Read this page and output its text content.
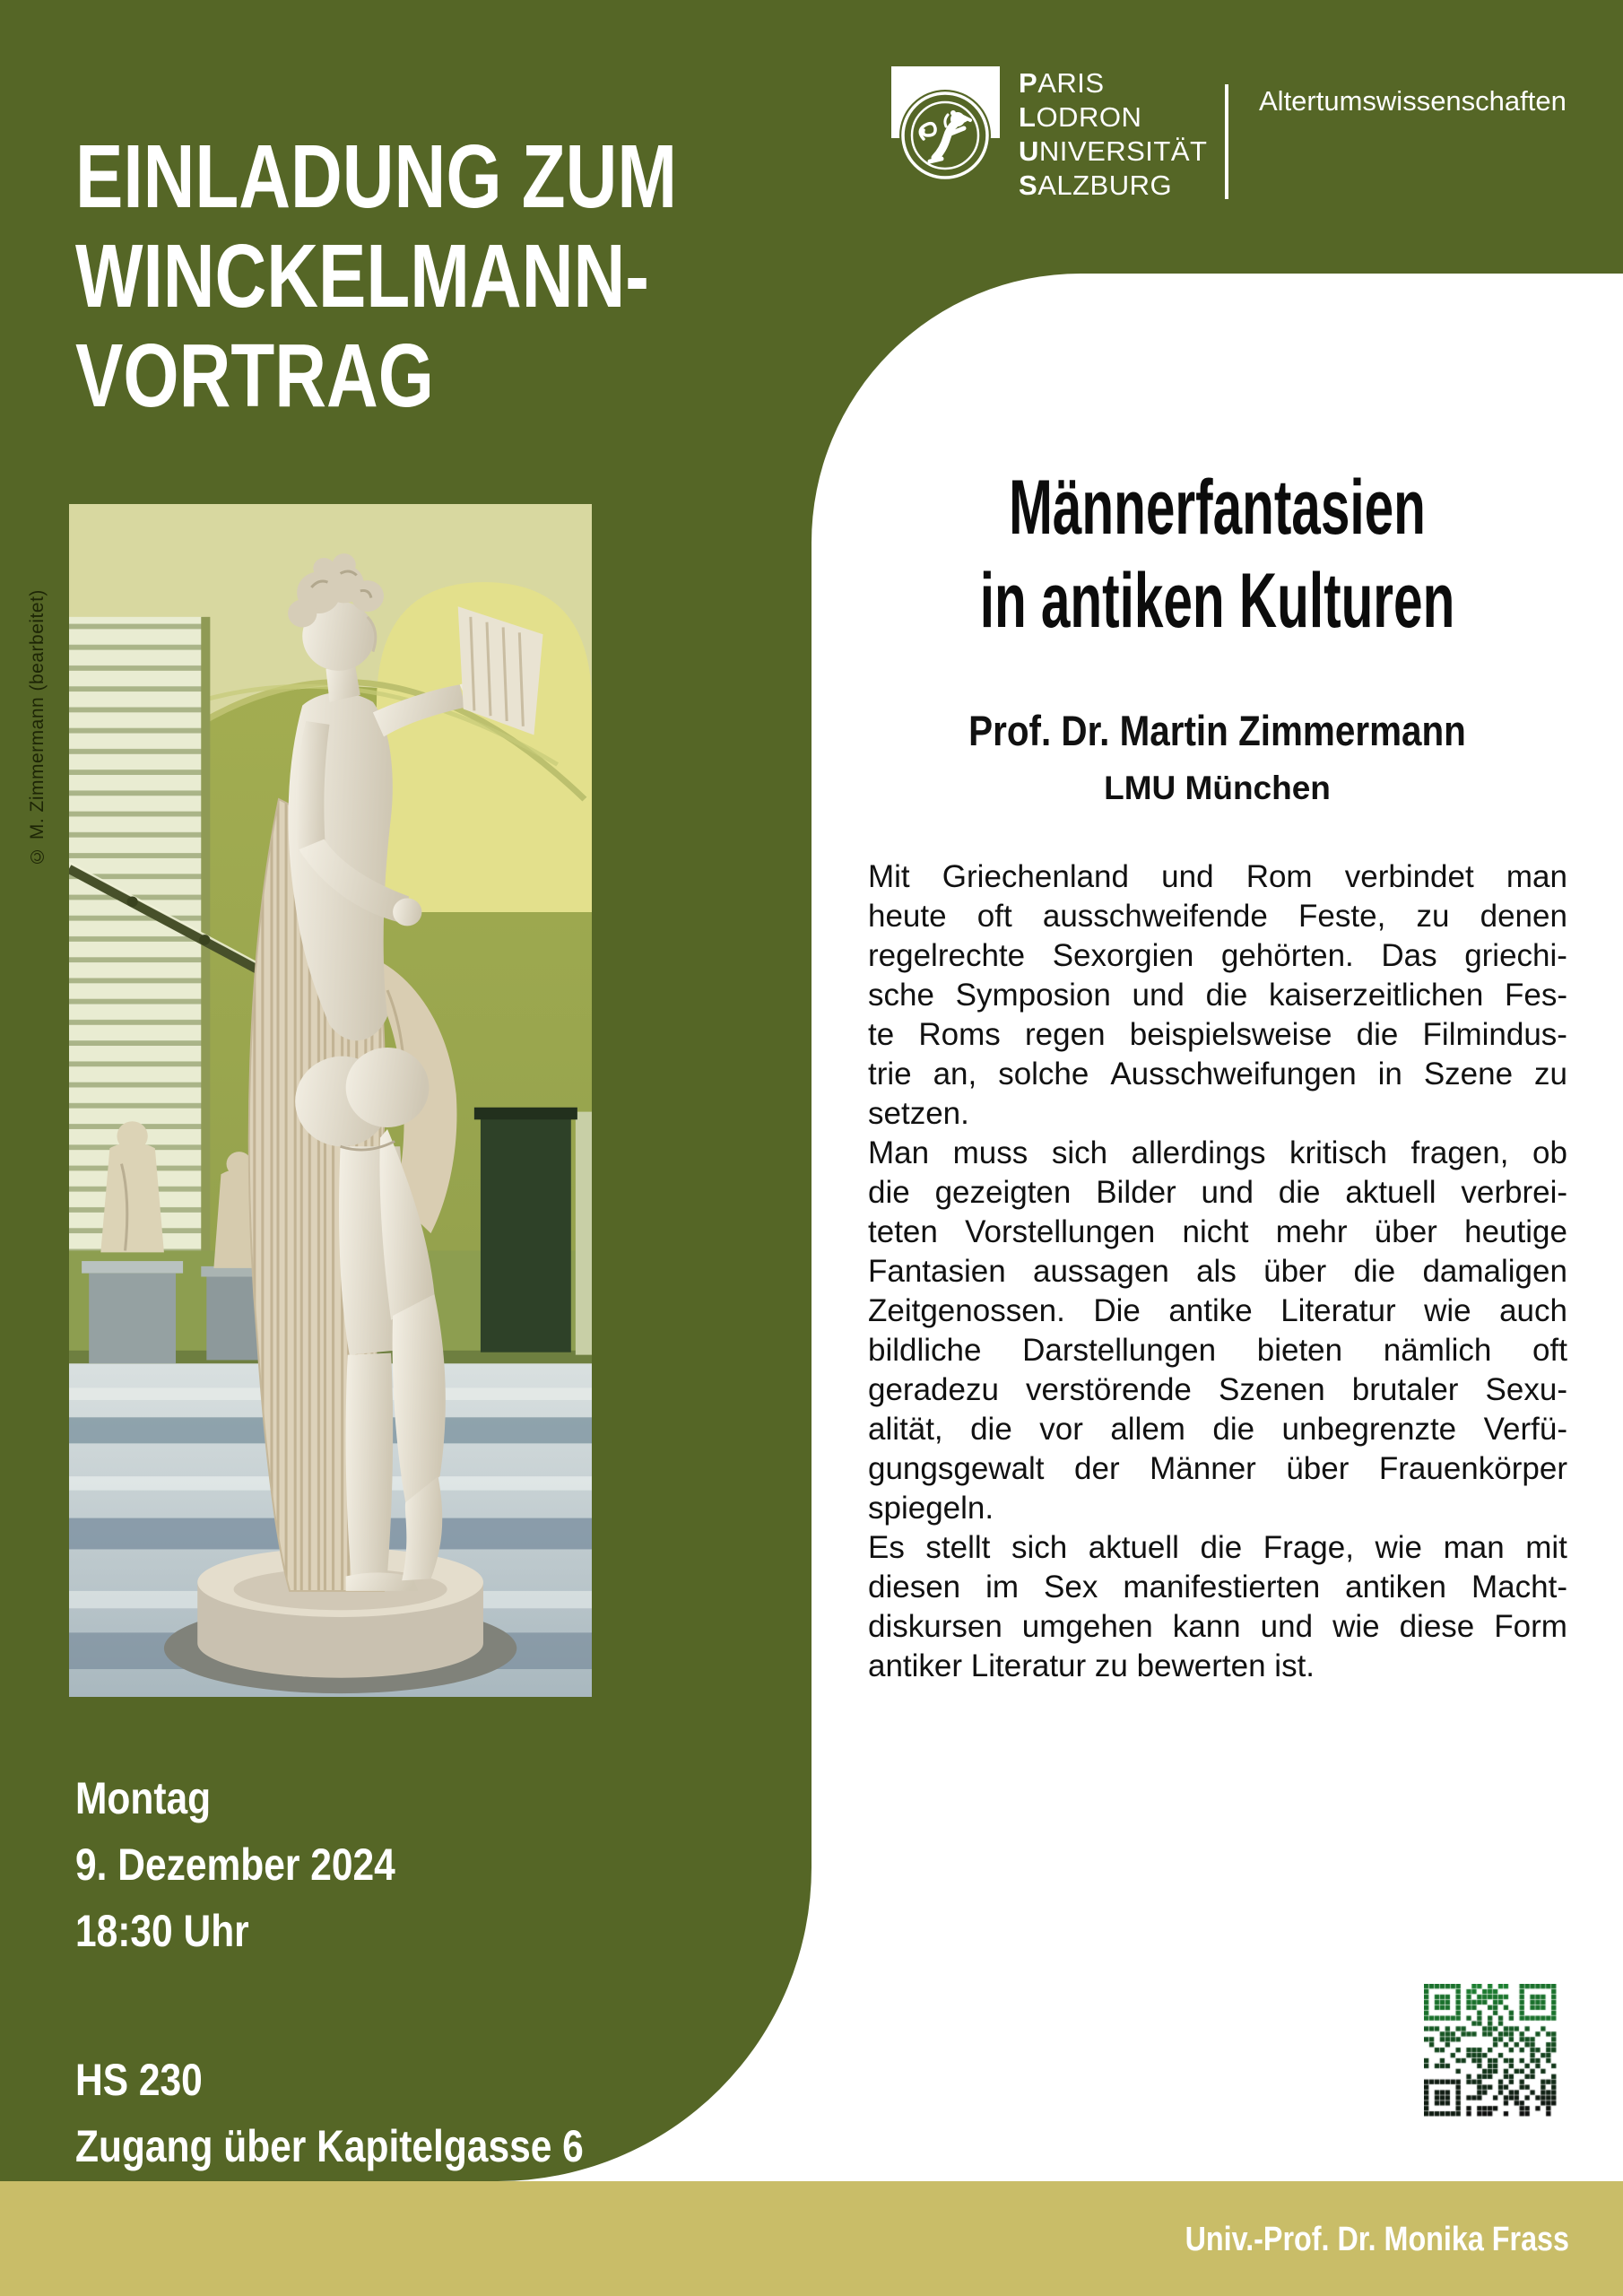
PARIS
LODRON
UNIVERSITÄT
SALZBURG
Altertumswissenschaften
EINLADUNG ZUM
WINCKELMANN-
VORTRAG
© M. Zimmermann (bearbeitet)
Männerfantasien
in antiken Kulturen
Prof. Dr. Martin Zimmermann
LMU München
Mit Griechenland und Rom verbindet man
heute oft ausschweifende Feste, zu denen
regelrechte Sexorgien gehörten. Das griechi-
sche Symposion und die kaiserzeitlichen Fes-
te Roms regen beispielsweise die Filmindus-
trie an, solche Ausschweifungen in Szene zu
setzen.
Man muss sich allerdings kritisch fragen, ob
die gezeigten Bilder und die aktuell verbrei-
teten Vorstellungen nicht mehr über heutige
Fantasien aussagen als über die damaligen
Zeitgenossen. Die antike Literatur wie auch
bildliche Darstellungen bieten nämlich oft
geradezu verstörende Szenen brutaler Sexu-
alität, die vor allem die unbegrenzte Verfü-
gungsgewalt der Männer über Frauenkörper
spiegeln.
Es stellt sich aktuell die Frage, wie man mit
diesen im Sex manifestierten antiken Macht-
diskursen umgehen kann und wie diese Form
antiker Literatur zu bewerten ist.
Montag
9. Dezember 2024
18:30 Uhr
HS 230
Zugang über Kapitelgasse 6
Univ.-Prof. Dr. Monika Frass
